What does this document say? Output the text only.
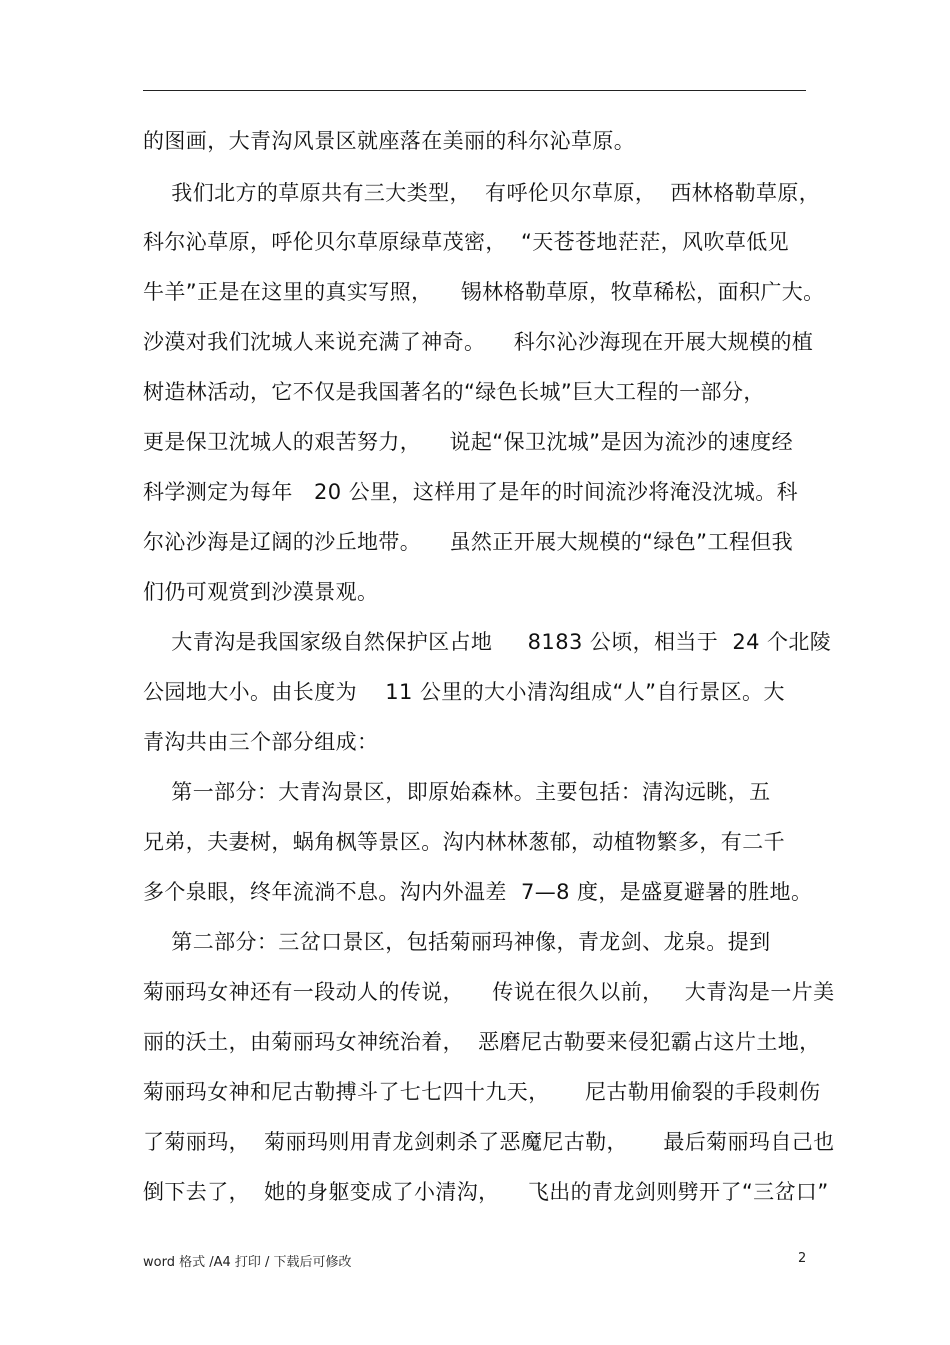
的图画，大青沟风景区就座落在美丽的科尔沁草原。
我们北方的草原共有三大类型，  有呼伦贝尔草原，  西林格勒草原，
科尔沁草原，呼伦贝尔草原绿草茂密，  “天苍苍地茫茫，风吹草低见
牛羊”正是在这里的真实写照，    锡林格勒草原，牧草稀松，面积广大。
沙漠对我们沈城人来说充满了神奇。    科尔沁沙海现在开展大规模的植
树造林活动，它不仅是我国著名的“绿色长城”巨大工程的一部分，
更是保卫沈城人的艰苦努力，    说起“保卫沈城”是因为流沙的速度经
科学测定为每年   20 公里，这样用了是年的时间流沙将淹没沈城。科
尔沁沙海是辽阔的沙丘地带。    虽然正开展大规模的“绿色”工程但我
们仍可观赏到沙漠景观。
大青沟是我国家级自然保护区占地     8183 公顷，相当于  24 个北陵
公园地大小。由长度为    11 公里的大小清沟组成“人”自行景区。大
青沟共由三个部分组成：
第一部分：大青沟景区，即原始森林。主要包括：清沟远眺，五
兄弟，夫妻树，蜗角枫等景区。沟内林林葱郁，动植物繁多，有二千
多个泉眼，终年流淌不息。沟内外温差  7—8 度，是盛夏避暑的胜地。
第二部分：三岔口景区，包括菊丽玛神像，青龙剑、龙泉。提到
菊丽玛女神还有一段动人的传说，    传说在很久以前，   大青沟是一片美
丽的沃土，由菊丽玛女神统治着，  恶磨尼古勒要来侵犯霸占这片土地，
菊丽玛女神和尼古勒搏斗了七七四十九天，     尼古勒用偷裂的手段刺伤
了菊丽玛，  菊丽玛则用青龙剑刺杀了恶魔尼古勒，     最后菊丽玛自己也
倒下去了，  她的身躯变成了小清沟，    飞出的青龙剑则劈开了“三岔口”
word 格式 /A4 打印 / 下载后可修改	2
